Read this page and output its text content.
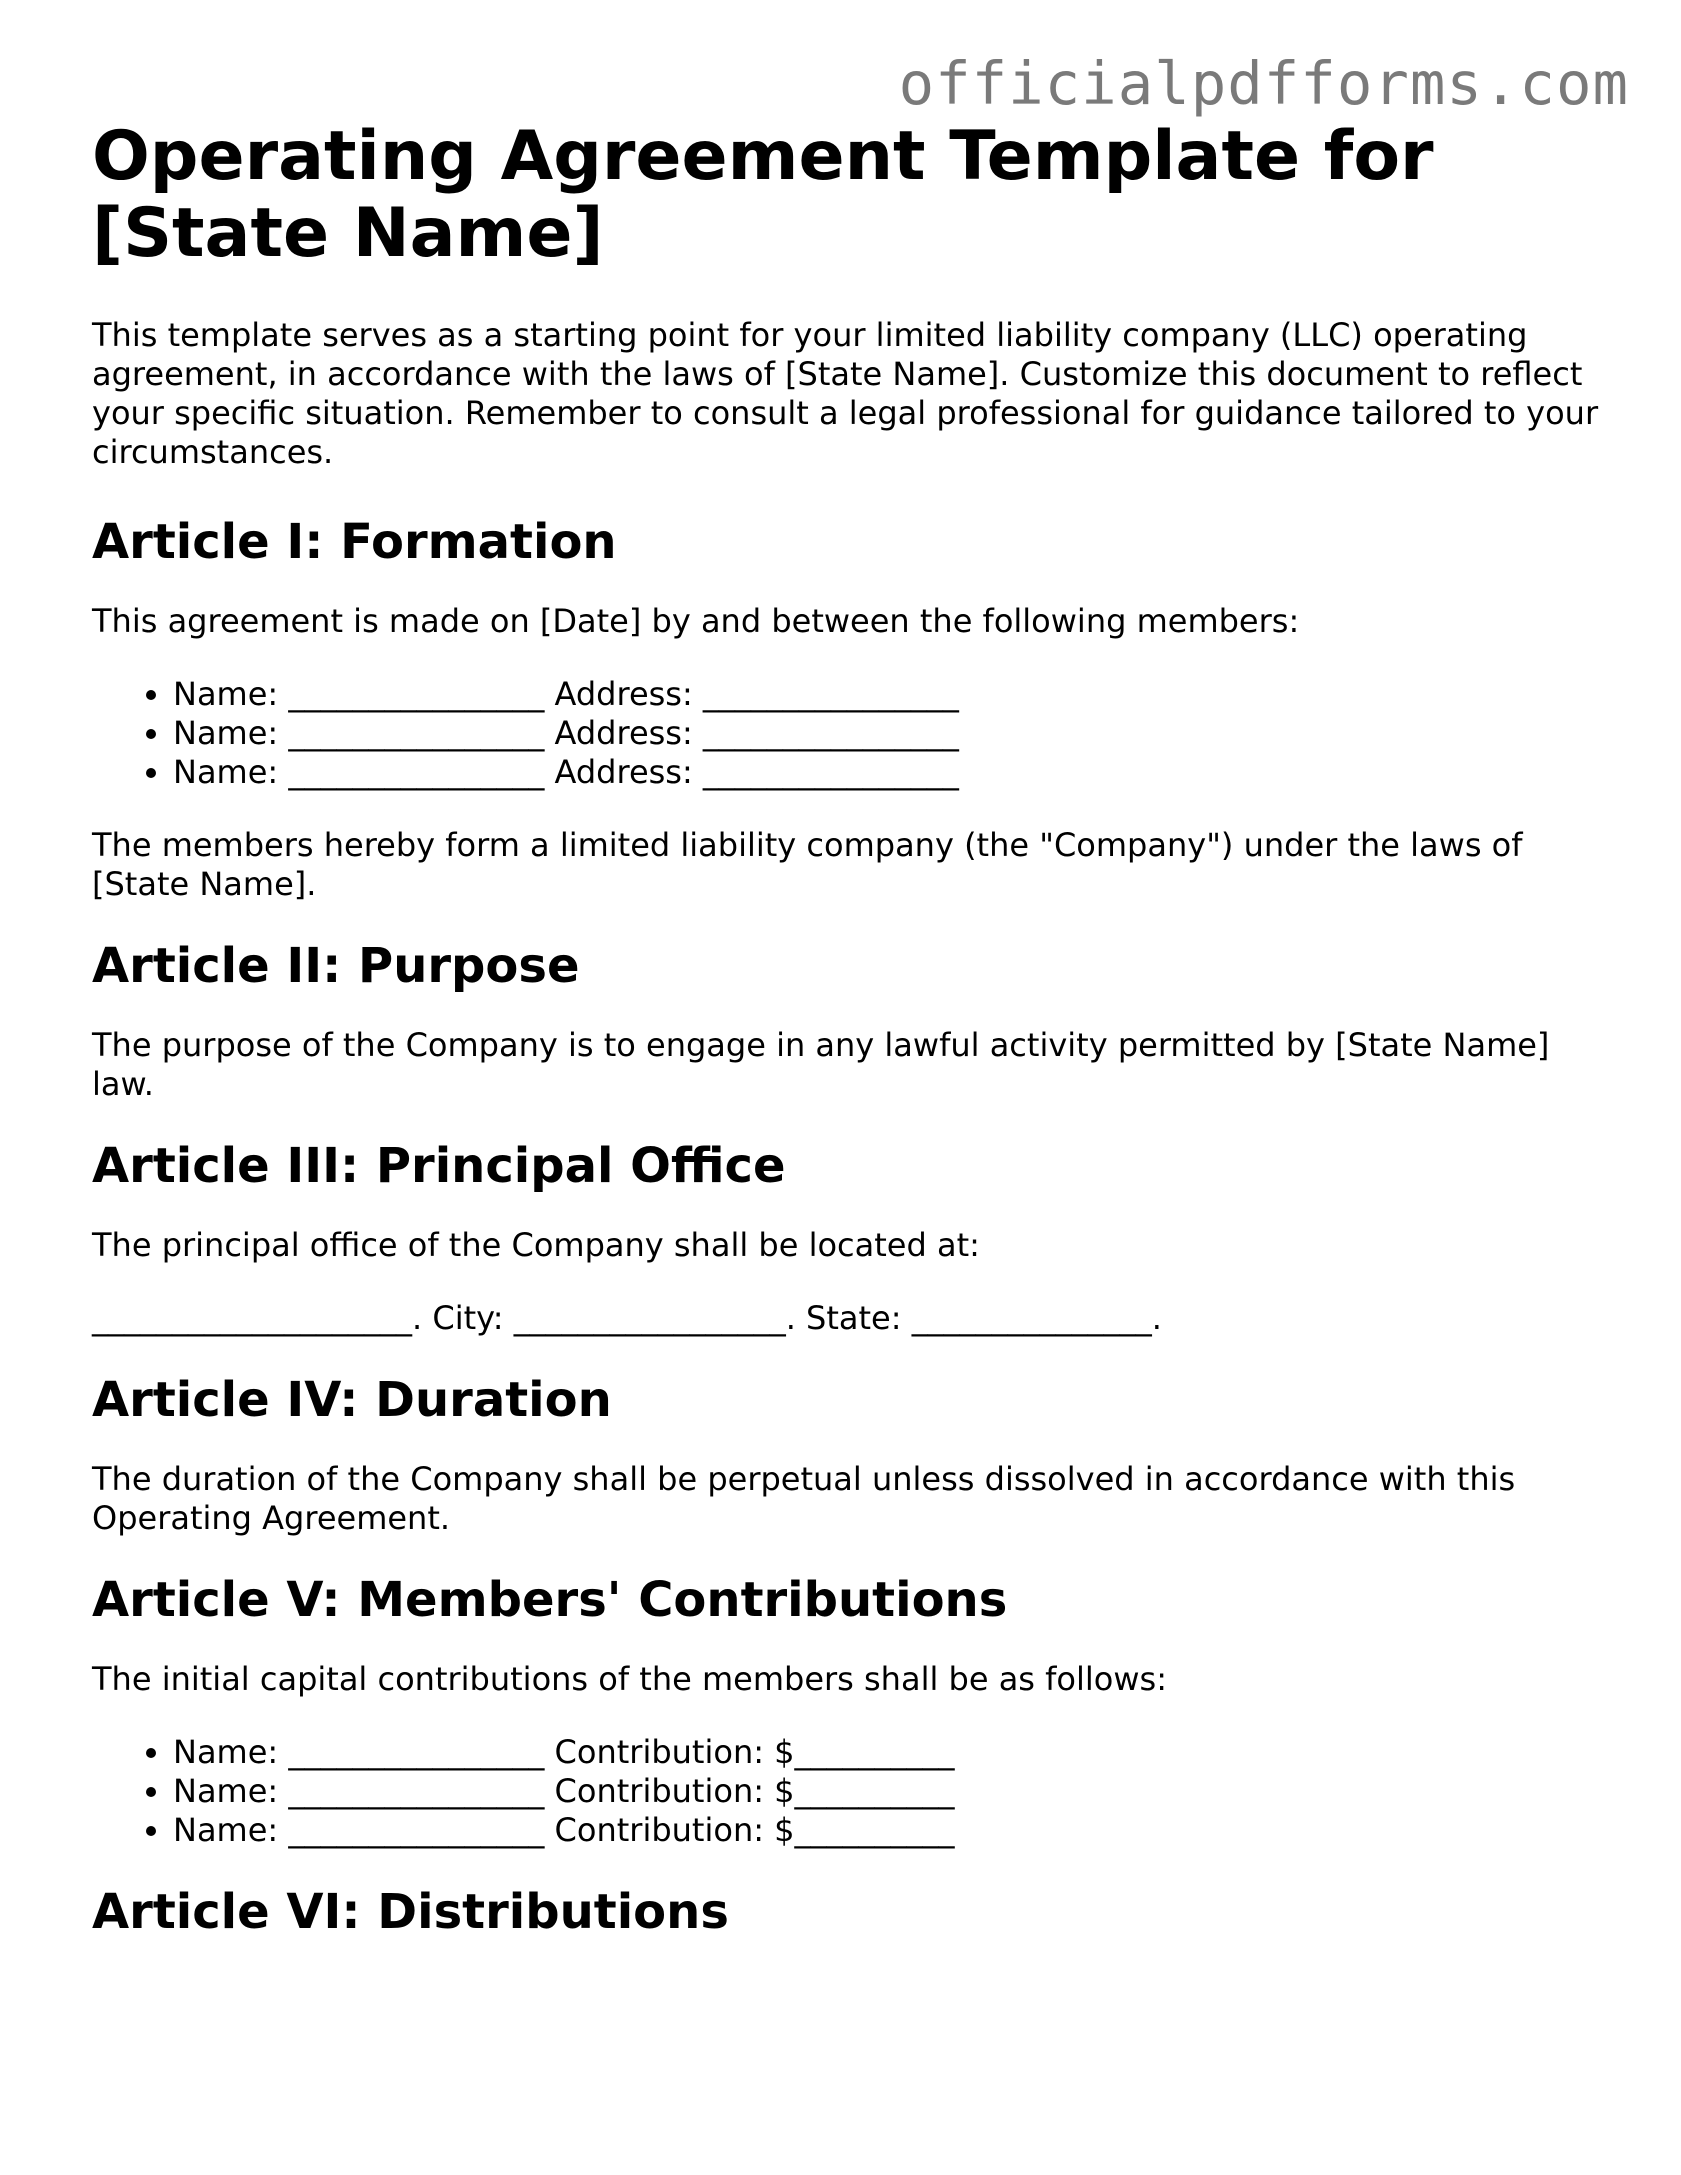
officialpdfforms.com
Operating Agreement Template for [State Name]

This template serves as a starting point for your limited liability company (LLC) operating agreement, in accordance with the laws of [State Name]. Customize this document to reflect your specific situation. Remember to consult a legal professional for guidance tailored to your circumstances.

Article I: Formation

This agreement is made on [Date] by and between the following members:

• Name: ________________ Address: ________________
• Name: ________________ Address: ________________
• Name: ________________ Address: ________________

The members hereby form a limited liability company (the "Company") under the laws of [State Name].

Article II: Purpose

The purpose of the Company is to engage in any lawful activity permitted by [State Name] law.

Article III: Principal Office

The principal office of the Company shall be located at:

____________________. City: _________________. State: _______________.

Article IV: Duration

The duration of the Company shall be perpetual unless dissolved in accordance with this Operating Agreement.

Article V: Members' Contributions

The initial capital contributions of the members shall be as follows:

• Name: ________________ Contribution: $__________
• Name: ________________ Contribution: $__________
• Name: ________________ Contribution: $__________
Article VI: Distributions
